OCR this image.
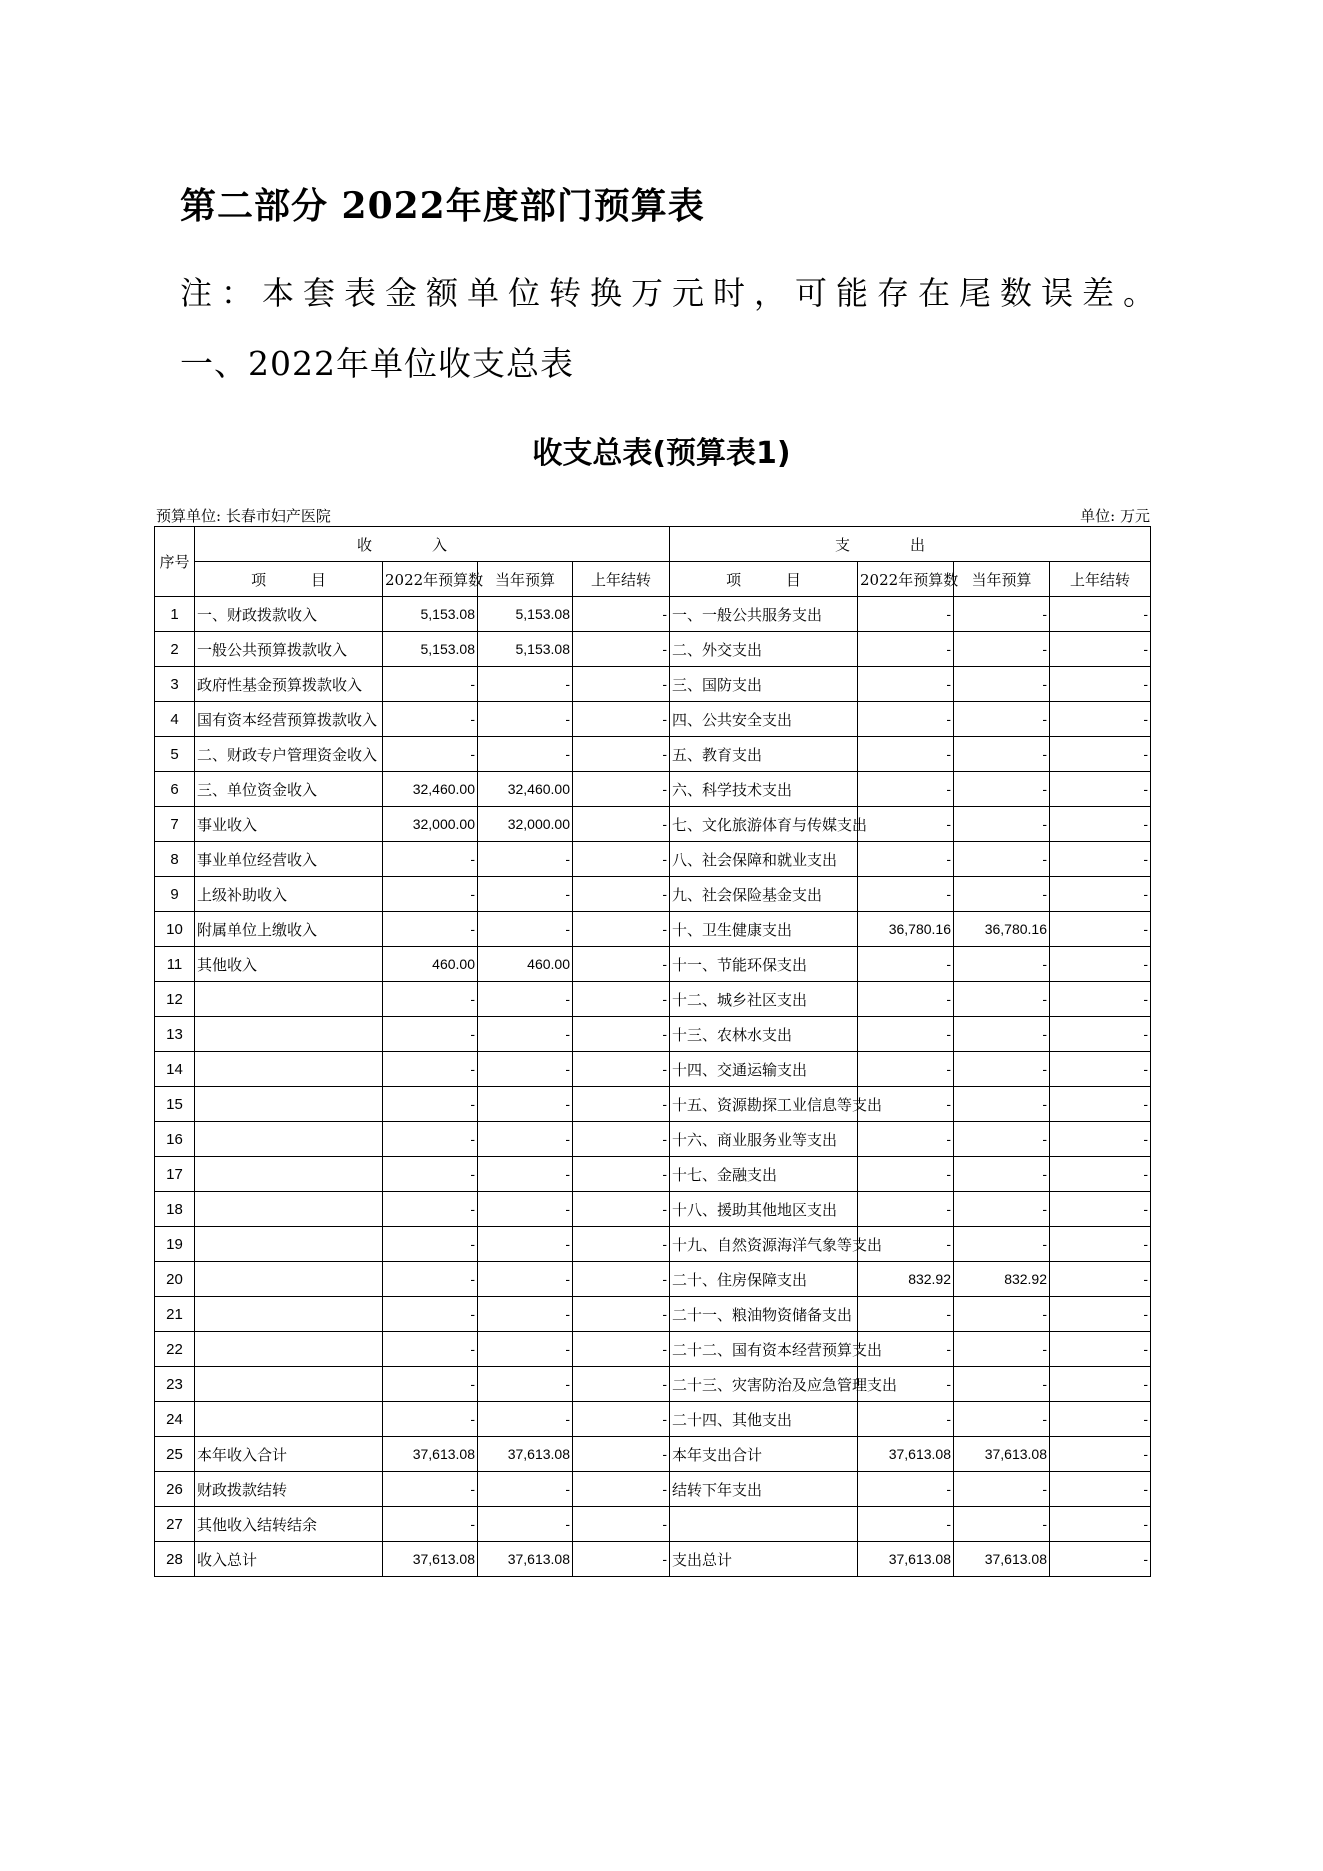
第二部分 2022年度部门预算表
注：本套表金额单位转换万元时，可能存在尾数误差。
一、2022年单位收支总表
收支总表(预算表1)
预算单位: 长春市妇产医院	单位: 万元
序号	收入				支出			
	项 目	2022年预算数	当年预算	上年结转	项 目	2022年预算数	当年预算	上年结转
1	一、财政拨款收入	5,153.08	5,153.08	-	一、一般公共服务支出	-	-	-
2	一般公共预算拨款收入	5,153.08	5,153.08	-	二、外交支出	-	-	-
3	政府性基金预算拨款收入	-	-	-	三、国防支出	-	-	-
4	国有资本经营预算拨款收入	-	-	-	四、公共安全支出	-	-	-
5	二、财政专户管理资金收入	-	-	-	五、教育支出	-	-	-
6	三、单位资金收入	32,460.00	32,460.00	-	六、科学技术支出	-	-	-
7	事业收入	32,000.00	32,000.00	-	七、文化旅游体育与传媒支出	-	-	-
8	事业单位经营收入	-	-	-	八、社会保障和就业支出	-	-	-
9	上级补助收入	-	-	-	九、社会保险基金支出	-	-	-
10	附属单位上缴收入	-	-	-	十、卫生健康支出	36,780.16	36,780.16	-
11	其他收入	460.00	460.00	-	十一、节能环保支出	-	-	-
12		-	-	-	十二、城乡社区支出	-	-	-
13		-	-	-	十三、农林水支出	-	-	-
14		-	-	-	十四、交通运输支出	-	-	-
15		-	-	-	十五、资源勘探工业信息等支出	-	-	-
16		-	-	-	十六、商业服务业等支出	-	-	-
17		-	-	-	十七、金融支出	-	-	-
18		-	-	-	十八、援助其他地区支出	-	-	-
19		-	-	-	十九、自然资源海洋气象等支出	-	-	-
20		-	-	-	二十、住房保障支出	832.92	832.92	-
21		-	-	-	二十一、粮油物资储备支出	-	-	-
22		-	-	-	二十二、国有资本经营预算支出	-	-	-
23		-	-	-	二十三、灾害防治及应急管理支出	-	-	-
24		-	-	-	二十四、其他支出	-	-	-
25	本年收入合计	37,613.08	37,613.08	-	本年支出合计	37,613.08	37,613.08	-
26	财政拨款结转	-	-	-	结转下年支出	-	-	-
27	其他收入结转结余	-	-	-		-	-	-
28	收入总计	37,613.08	37,613.08	-	支出总计	37,613.08	37,613.08	-
